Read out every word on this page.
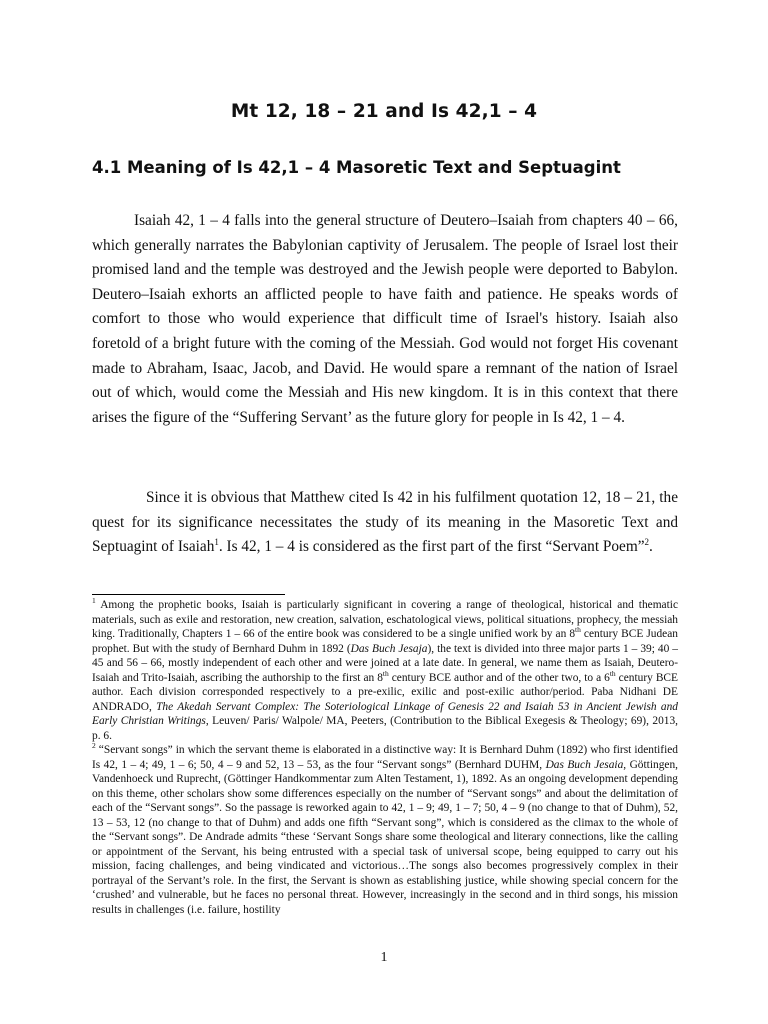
Mt 12, 18 – 21 and Is 42,1 – 4
4.1 Meaning of Is 42,1 – 4 Masoretic Text and Septuagint

Isaiah 42, 1 – 4 falls into the general structure of Deutero–Isaiah from chapters 40 – 66, which generally narrates the Babylonian captivity of Jerusalem. The people of Israel lost their promised land and the temple was destroyed and the Jewish people were deported to Babylon. Deutero–Isaiah exhorts an afflicted people to have faith and patience. He speaks words of comfort to those who would experience that difficult time of Israel's history. Isaiah also foretold of a bright future with the coming of the Messiah. God would not forget His covenant made to Abraham, Isaac, Jacob, and David. He would spare a remnant of the nation of Israel out of which, would come the Messiah and His new kingdom. It is in this context that there arises the figure of the “Suffering Servant’ as the future glory for people in Is 42, 1 – 4.

Since it is obvious that Matthew cited Is 42 in his fulfilment quotation 12, 18 – 21, the quest for its significance necessitates the study of its meaning in the Masoretic Text and Septuagint of Isaiah$^1$. Is 42, 1 – 4 is considered as the first part of the first “Servant Poem”$^2$.

$^1$ Among the prophetic books, Isaiah is particularly significant in covering a range of theological, historical and thematic materials, such as exile and restoration, new creation, salvation, eschatological views, political situations, prophecy, the messiah king. Traditionally, Chapters 1 – 66 of the entire book was considered to be a single unified work by an 8th century BCE Judean prophet. But with the study of Bernhard Duhm in 1892 (Das Buch Jesaja), the text is divided into three major parts 1 – 39; 40 – 45 and 56 – 66, mostly independent of each other and were joined at a late date. In general, we name them as Isaiah, Deutero-Isaiah and Trito-Isaiah, ascribing the authorship to the first an 8th century BCE author and of the other two, to a 6th century BCE author. Each division corresponded respectively to a pre-exilic, exilic and post-exilic author/period. Paba Nidhani DE ANDRADO, The Akedah Servant Complex: The Soteriological Linkage of Genesis 22 and Isaiah 53 in Ancient Jewish and Early Christian Writings, Leuven/ Paris/ Walpole/ MA, Peeters, (Contribution to the Biblical Exegesis & Theology; 69), 2013, p. 6.

$^2$ “Servant songs” in which the servant theme is elaborated in a distinctive way: It is Bernhard Duhm (1892) who first identified Is 42, 1 – 4; 49, 1 – 6; 50, 4 – 9 and 52, 13 – 53, as the four “Servant songs” (Bernhard DUHM, Das Buch Jesaia, Göttingen, Vandenhoeck und Ruprecht, (Göttinger Handkommentar zum Alten Testament, 1), 1892. As an ongoing development depending on this theme, other scholars show some differences especially on the number of “Servant songs” and about the delimitation of each of the “Servant songs”. So the passage is reworked again to 42, 1 – 9; 49, 1 – 7; 50, 4 – 9 (no change to that of Duhm), 52, 13 – 53, 12 (no change to that of Duhm) and adds one fifth “Servant song”, which is considered as the climax to the whole of the “Servant songs”. De Andrade admits “these ‘Servant Songs share some theological and literary connections, like the calling or appointment of the Servant, his being entrusted with a special task of universal scope, being equipped to carry out his mission, facing challenges, and being vindicated and victorious…The songs also becomes progressively complex in their portrayal of the Servant’s role. In the first, the Servant is shown as establishing justice, while showing special concern for the ‘crushed’ and vulnerable, but he faces no personal threat. However, increasingly in the second and in third songs, his mission results in challenges (i.e. failure, hostility

1
